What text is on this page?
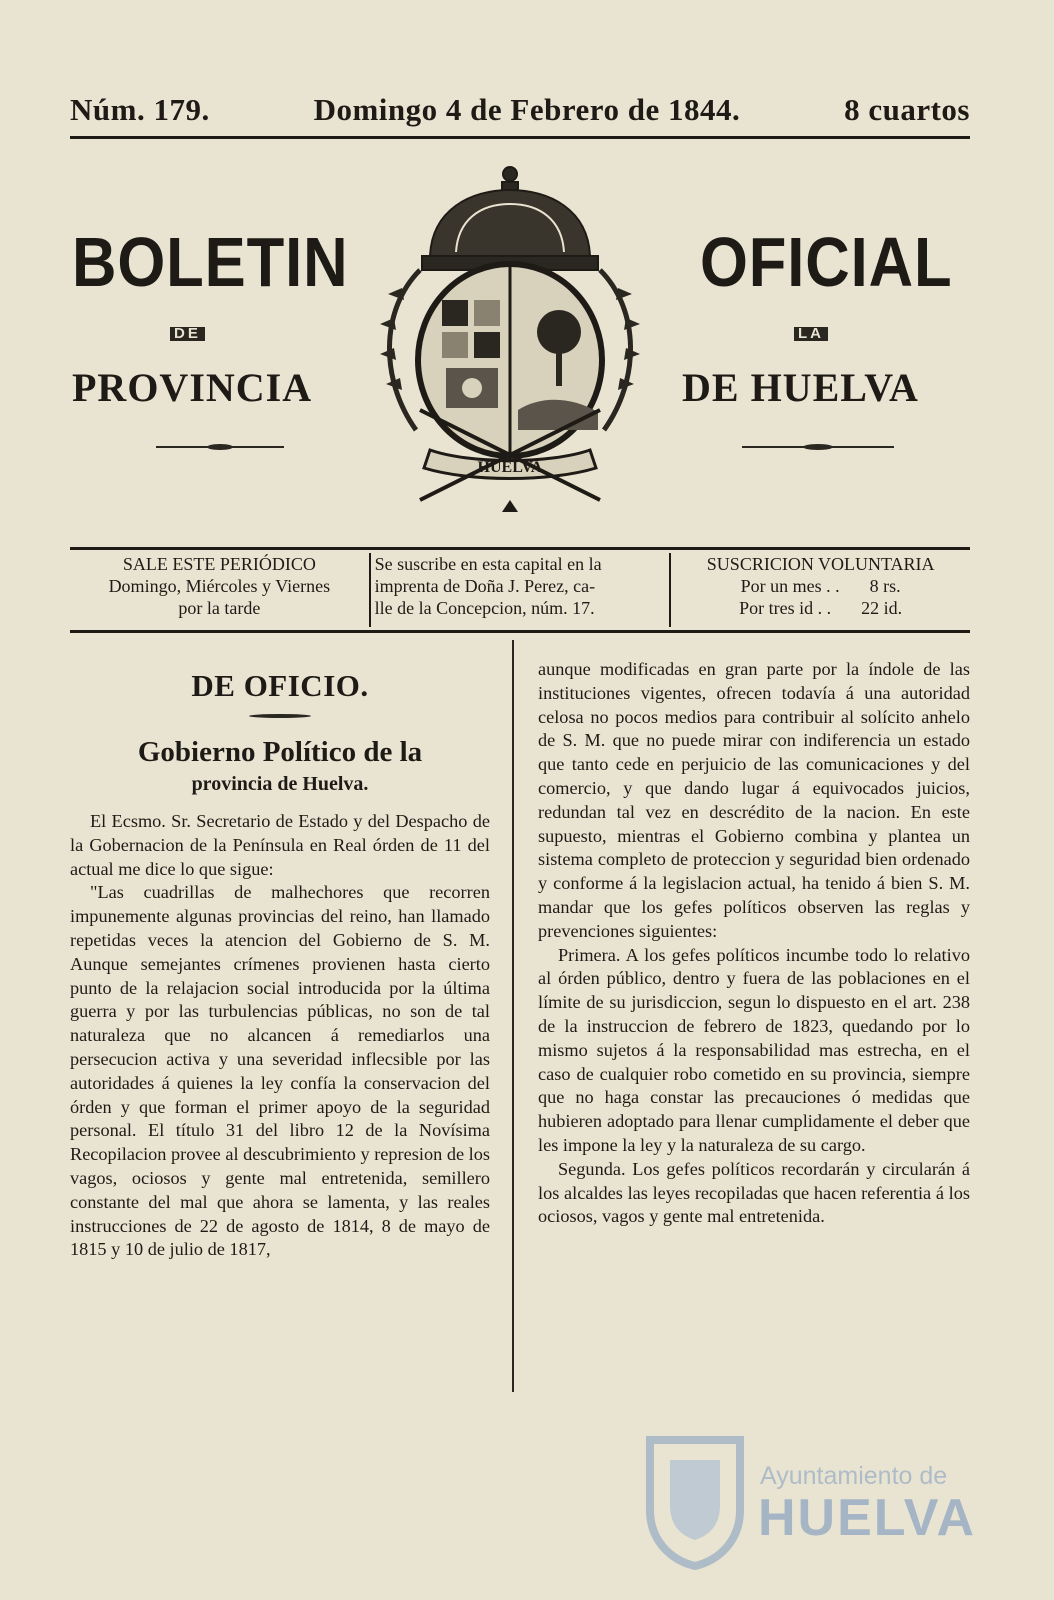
Núm. 179.	Domingo 4 de Febrero de 1844.	8 cuartos
BOLETIN	OFICIAL
DE	LA
PROVINCIA	DE HUELVA
HUELVA
SALE ESTE PERIÓDICO
Domingo, Miércoles y Viernes
por la tarde
Se suscribe en esta capital en la
imprenta de Doña J. Perez, ca-
lle de la Concepcion, núm. 17.
SUSCRICION VOLUNTARIA
Por un mes . . 8 rs.
Por tres id . . 22 id.
DE OFICIO.
Gobierno Político de la
provincia de Huelva.

El Ecsmo. Sr. Secretario de Estado y del Despacho de la Gobernacion de la Península en Real órden de 11 del actual me dice lo que sigue:

"Las cuadrillas de malhechores que recorren impunemente algunas provincias del reino, han llamado repetidas veces la atencion del Gobierno de S. M. Aunque semejantes crímenes provienen hasta cierto punto de la relajacion social introducida por la última guerra y por las turbulencias públicas, no son de tal naturaleza que no alcancen á remediarlos una persecucion activa y una severidad inflecsible por las autoridades á quienes la ley confía la conservacion del órden y que forman el primer apoyo de la seguridad personal. El título 31 del libro 12 de la Novísima Recopilacion provee al descubrimiento y represion de los vagos, ociosos y gente mal entretenida, semillero constante del mal que ahora se lamenta, y las reales instrucciones de 22 de agosto de 1814, 8 de mayo de 1815 y 10 de julio de 1817,

aunque modificadas en gran parte por la índole de las instituciones vigentes, ofrecen todavía á una autoridad celosa no pocos medios para contribuir al solícito anhelo de S. M. que no puede mirar con indiferencia un estado que tanto cede en perjuicio de las comunicaciones y del comercio, y que dando lugar á equivocados juicios, redundan tal vez en descrédito de la nacion. En este supuesto, mientras el Gobierno combina y plantea un sistema completo de proteccion y seguridad bien ordenado y conforme á la legislacion actual, ha tenido á bien S. M. mandar que los gefes políticos observen las reglas y prevenciones siguientes:

Primera. A los gefes políticos incumbe todo lo relativo al órden público, dentro y fuera de las poblaciones en el límite de su jurisdiccion, segun lo dispuesto en el art. 238 de la instruccion de febrero de 1823, quedando por lo mismo sujetos á la responsabilidad mas estrecha, en el caso de cualquier robo cometido en su provincia, siempre que no haga constar las precauciones ó medidas que hubieren adoptado para llenar cumplidamente el deber que les impone la ley y la naturaleza de su cargo.

Segunda. Los gefes políticos recordarán y circularán á los alcaldes las leyes recopiladas que hacen referentia á los ociosos, vagos y gente mal entretenida.

Ayuntamiento de
HUELVA
